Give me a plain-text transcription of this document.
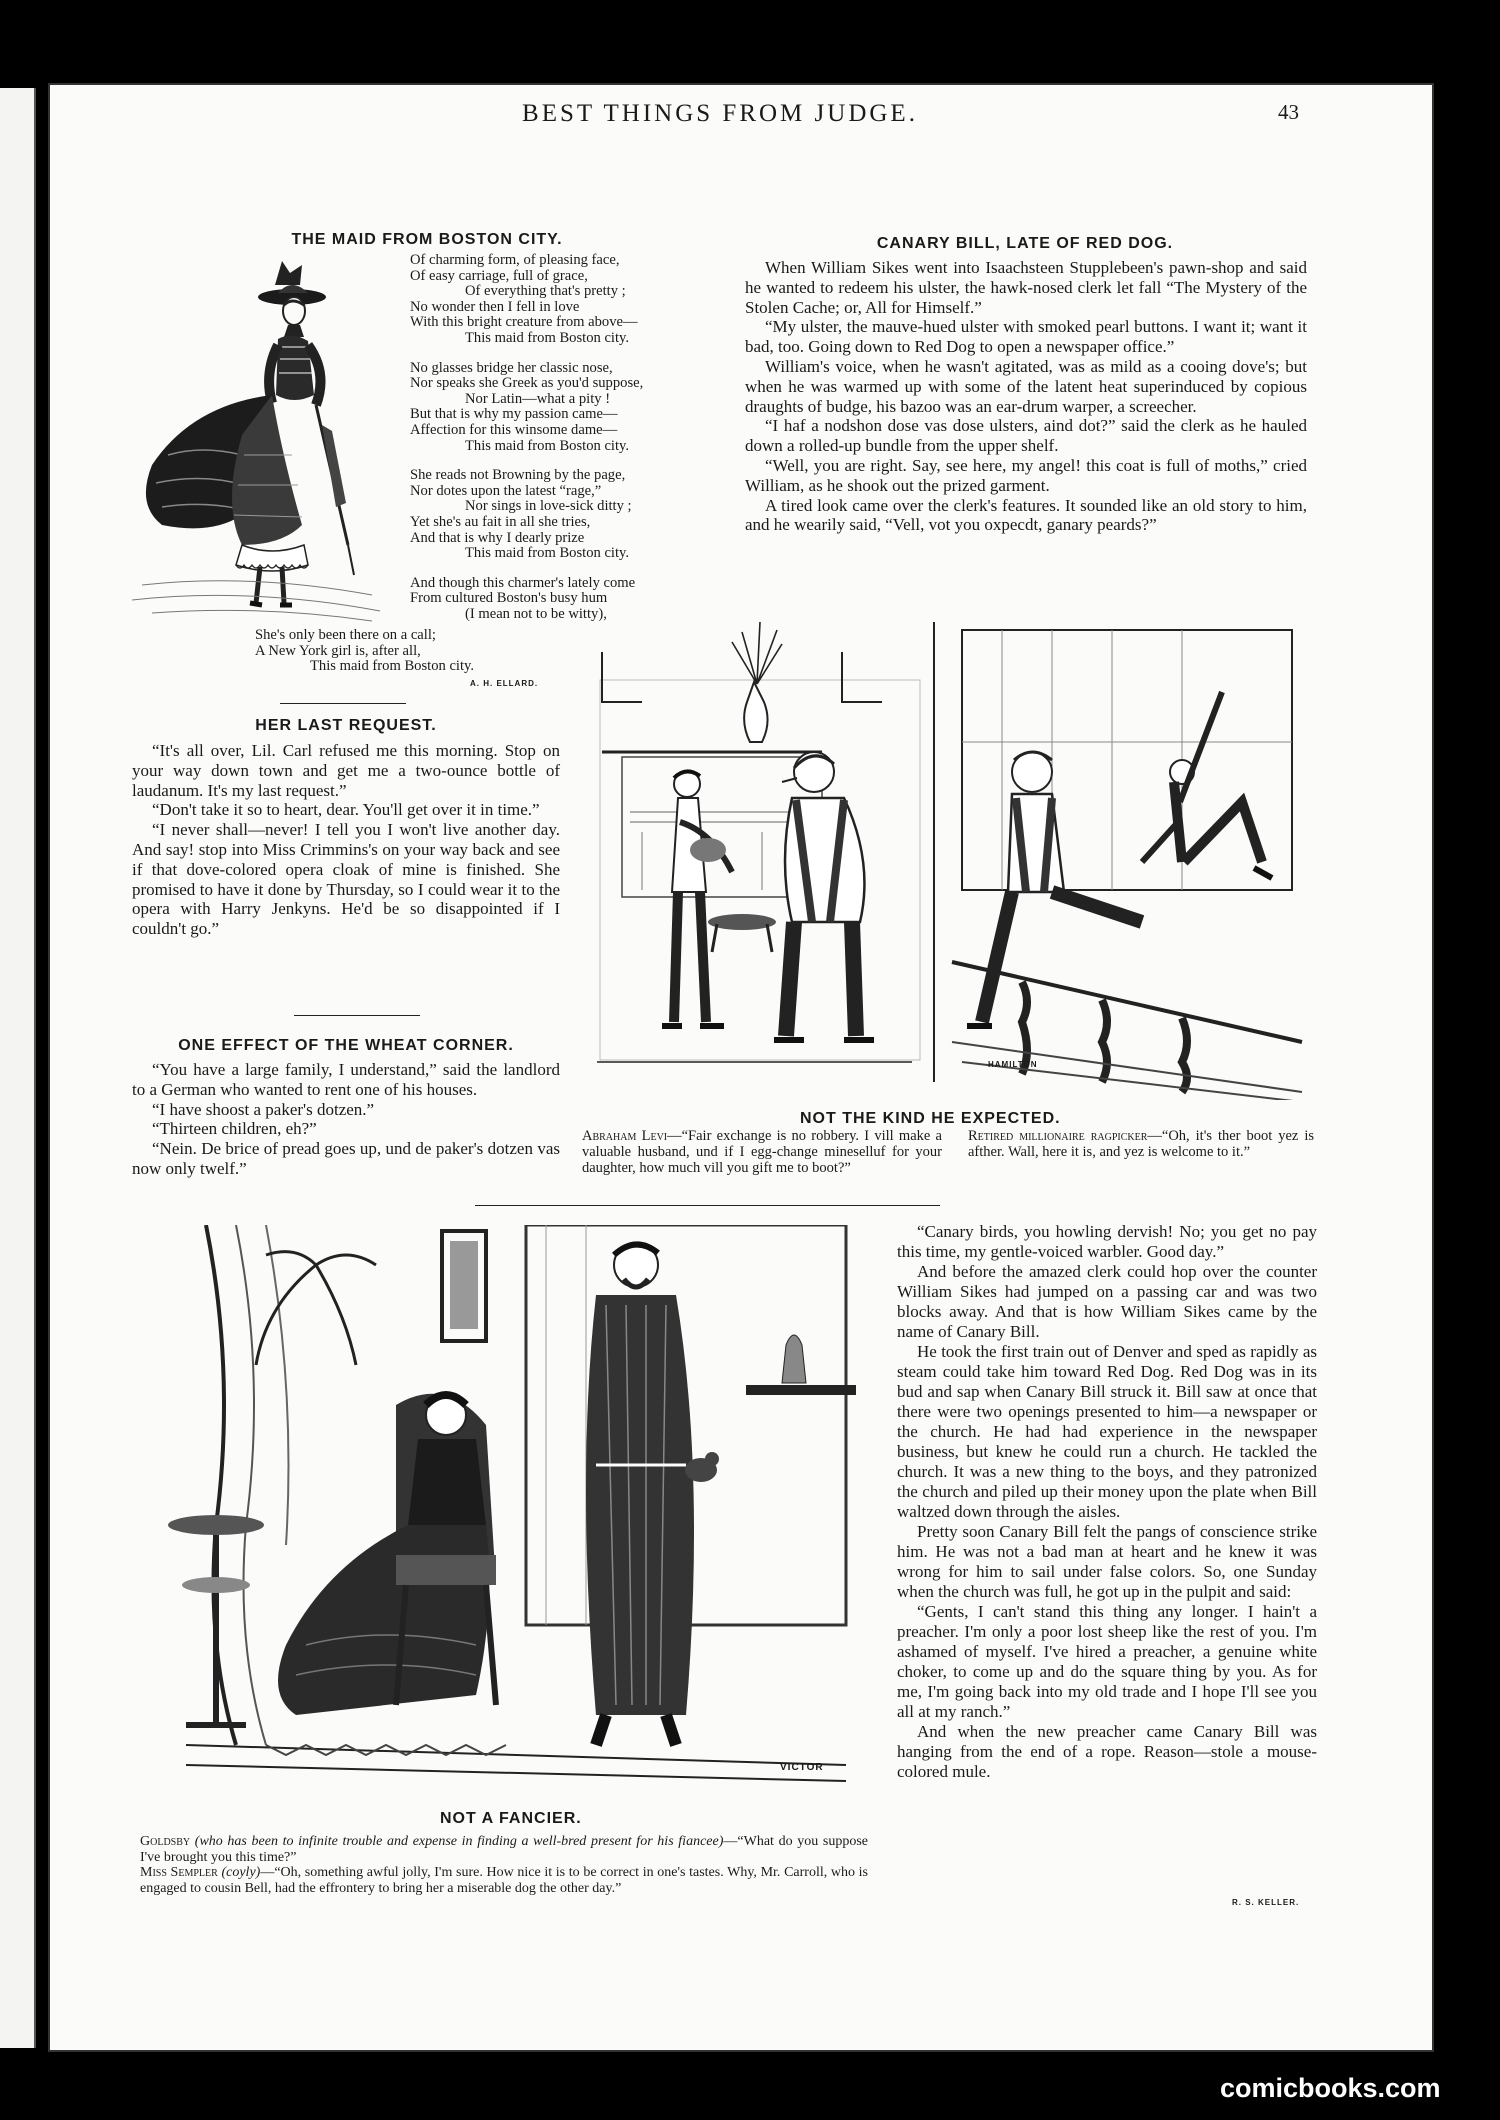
BEST THINGS FROM JUDGE.	43
THE MAID FROM BOSTON CITY.
Of charming form, of pleasing face,
Of easy carriage, full of grace,
Of everything that's pretty ;
No wonder then I fell in love
With this bright creature from above—
This maid from Boston city.
No glasses bridge her classic nose,
Nor speaks she Greek as you'd suppose,
Nor Latin—what a pity !
But that is why my passion came—
Affection for this winsome dame—
This maid from Boston city.
She reads not Browning by the page,
Nor dotes upon the latest “rage,”
Nor sings in love-sick ditty ;
Yet she's au fait in all she tries,
And that is why I dearly prize
This maid from Boston city.
And though this charmer's lately come
From cultured Boston's busy hum
(I mean not to be witty),
She's only been there on a call;
A New York girl is, after all,
This maid from Boston city.
A. H. ELLARD.
HER LAST REQUEST.

“It's all over, Lil. Carl refused me this morning. Stop on your way down town and get me a two-ounce bottle of laudanum. It's my last request.”

“Don't take it so to heart, dear. You'll get over it in time.”

“I never shall—never! I tell you I won't live another day. And say! stop into Miss Crimmins's on your way back and see if that dove-colored opera cloak of mine is finished. She promised to have it done by Thursday, so I could wear it to the opera with Harry Jenkyns. He'd be so disappointed if I couldn't go.”

ONE EFFECT OF THE WHEAT CORNER.

“You have a large family, I understand,” said the landlord to a German who wanted to rent one of his houses.

“I have shoost a paker's dotzen.”

“Thirteen children, eh?”

“Nein. De brice of pread goes up, und de paker's dotzen vas now only twelf.”

CANARY BILL, LATE OF RED DOG.

When William Sikes went into Isaachsteen Stupplebeen's pawn-shop and said he wanted to redeem his ulster, the hawk-nosed clerk let fall “The Mystery of the Stolen Cache; or, All for Himself.”

“My ulster, the mauve-hued ulster with smoked pearl buttons. I want it; want it bad, too. Going down to Red Dog to open a newspaper office.”

William's voice, when he wasn't agitated, was as mild as a cooing dove's; but when he was warmed up with some of the latent heat superinduced by copious draughts of budge, his bazoo was an ear-drum warper, a screecher.

“I haf a nodshon dose vas dose ulsters, aind dot?” said the clerk as he hauled down a rolled-up bundle from the upper shelf.

“Well, you are right. Say, see here, my angel! this coat is full of moths,” cried William, as he shook out the prized garment.

A tired look came over the clerk's features. It sounded like an old story to him, and he wearily said, “Vell, vot you oxpecdt, ganary peards?”

HAMILTON
NOT THE KIND HE EXPECTED.
Abraham Levi—“Fair exchange is no robbery. I vill make a valuable husband, und if I egg-change mineselluf for your daughter, how much vill you gift me to boot?”
Retired millionaire ragpicker—“Oh, it's ther boot yez is afther. Wall, here it is, and yez is welcome to it.”
VICTOR
NOT A FANCIER.
Goldsby (who has been to infinite trouble and expense in finding a well-bred present for his fiancee)—“What do you suppose I've brought you this time?”
Miss Sempler (coyly)—“Oh, something awful jolly, I'm sure. How nice it is to be correct in one's tastes. Why, Mr. Carroll, who is engaged to cousin Bell, had the effrontery to bring her a miserable dog the other day.”

“Canary birds, you howling dervish! No; you get no pay this time, my gentle-voiced warbler. Good day.”

And before the amazed clerk could hop over the counter William Sikes had jumped on a passing car and was two blocks away. And that is how William Sikes came by the name of Canary Bill.

He took the first train out of Denver and sped as rapidly as steam could take him toward Red Dog. Red Dog was in its bud and sap when Canary Bill struck it. Bill saw at once that there were two openings presented to him—a newspaper or the church. He had had experience in the newspaper business, but knew he could run a church. He tackled the church. It was a new thing to the boys, and they patronized the church and piled up their money upon the plate when Bill waltzed down through the aisles.

Pretty soon Canary Bill felt the pangs of conscience strike him. He was not a bad man at heart and he knew it was wrong for him to sail under false colors. So, one Sunday when the church was full, he got up in the pulpit and said:

“Gents, I can't stand this thing any longer. I hain't a preacher. I'm only a poor lost sheep like the rest of you. I'm ashamed of myself. I've hired a preacher, a genuine white choker, to come up and do the square thing by you. As for me, I'm going back into my old trade and I hope I'll see you all at my ranch.”

And when the new preacher came Canary Bill was hanging from the end of a rope. Reason—stole a mouse-colored mule.

R. S. KELLER.
comicbooks.com
